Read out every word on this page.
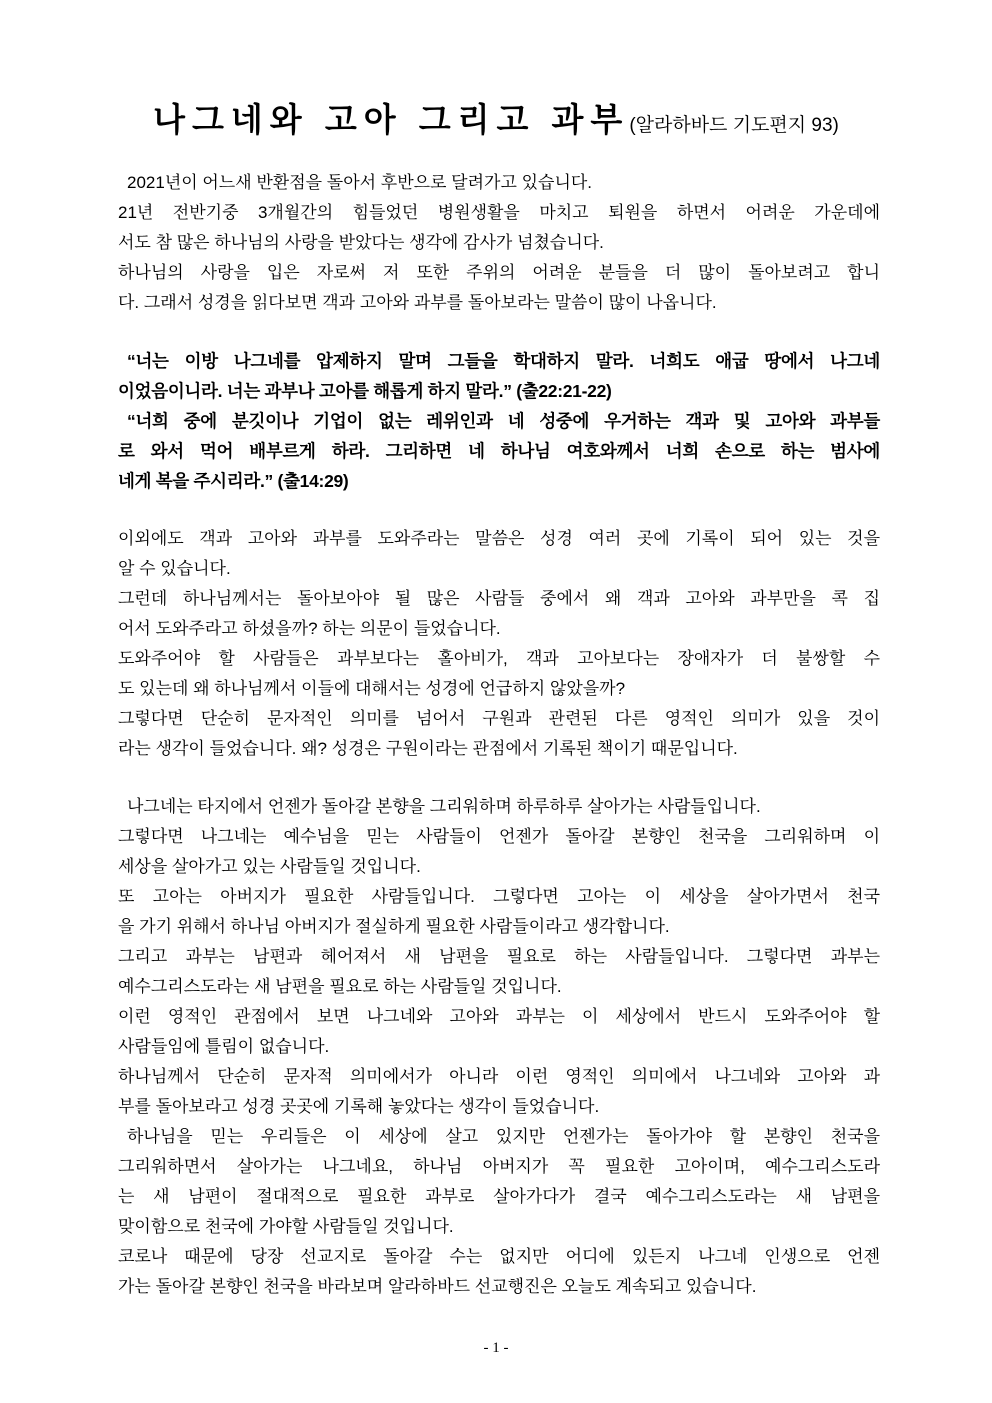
나그네와 고아 그리고 과부(알라하바드 기도편지 93)
2021년이 어느새 반환점을 돌아서 후반으로 달려가고 있습니다.
21년 전반기중 3개월간의 힘들었던 병원생활을 마치고 퇴원을 하면서 어려운 가운데에
서도 참 많은 하나님의 사랑을 받았다는 생각에 감사가 넘쳤습니다.
하나님의 사랑을 입은 자로써 저 또한 주위의 어려운 분들을 더 많이 돌아보려고 합니
다. 그래서 성경을 읽다보면 객과 고아와 과부를 돌아보라는 말씀이 많이 나옵니다.
“너는 이방 나그네를 압제하지 말며 그들을 학대하지 말라. 너희도 애굽 땅에서 나그네
이었음이니라. 너는 과부나 고아를 해롭게 하지 말라.” (출22:21-22)
“너희 중에 분깃이나 기업이 없는 레위인과 네 성중에 우거하는 객과 및 고아와 과부들
로 와서 먹어 배부르게 하라. 그리하면 네 하나님 여호와께서 너희 손으로 하는 범사에
네게 복을 주시리라.” (출14:29)
이외에도 객과 고아와 과부를 도와주라는 말씀은 성경 여러 곳에 기록이 되어 있는 것을
알 수 있습니다.
그런데 하나님께서는 돌아보아야 될 많은 사람들 중에서 왜 객과 고아와 과부만을 콕 집
어서 도와주라고 하셨을까? 하는 의문이 들었습니다.
도와주어야 할 사람들은 과부보다는 홀아비가, 객과 고아보다는 장애자가 더 불쌍할 수
도 있는데 왜 하나님께서 이들에 대해서는 성경에 언급하지 않았을까?
그렇다면 단순히 문자적인 의미를 넘어서 구원과 관련된 다른 영적인 의미가 있을 것이
라는 생각이 들었습니다. 왜? 성경은 구원이라는 관점에서 기록된 책이기 때문입니다.
나그네는 타지에서 언젠가 돌아갈 본향을 그리워하며 하루하루 살아가는 사람들입니다.
그렇다면 나그네는 예수님을 믿는 사람들이 언젠가 돌아갈 본향인 천국을 그리워하며 이
세상을 살아가고 있는 사람들일 것입니다.
또 고아는 아버지가 필요한 사람들입니다. 그렇다면 고아는 이 세상을 살아가면서 천국
을 가기 위해서 하나님 아버지가 절실하게 필요한 사람들이라고 생각합니다.
그리고 과부는 남편과 헤어져서 새 남편을 필요로 하는 사람들입니다. 그렇다면 과부는
예수그리스도라는 새 남편을 필요로 하는 사람들일 것입니다.
이런 영적인 관점에서 보면 나그네와 고아와 과부는 이 세상에서 반드시 도와주어야 할
사람들임에 틀림이 없습니다.
하나님께서 단순히 문자적 의미에서가 아니라 이런 영적인 의미에서 나그네와 고아와 과
부를 돌아보라고 성경 곳곳에 기록해 놓았다는 생각이 들었습니다.
하나님을 믿는 우리들은 이 세상에 살고 있지만 언젠가는 돌아가야 할 본향인 천국을
그리워하면서 살아가는 나그네요, 하나님 아버지가 꼭 필요한 고아이며, 예수그리스도라
는 새 남편이 절대적으로 필요한 과부로 살아가다가 결국 예수그리스도라는 새 남편을
맞이함으로 천국에 가야할 사람들일 것입니다.
코로나 때문에 당장 선교지로 돌아갈 수는 없지만 어디에 있든지 나그네 인생으로 언젠
가는 돌아갈 본향인 천국을 바라보며 알라하바드 선교행진은 오늘도 계속되고 있습니다.
- 1 -
